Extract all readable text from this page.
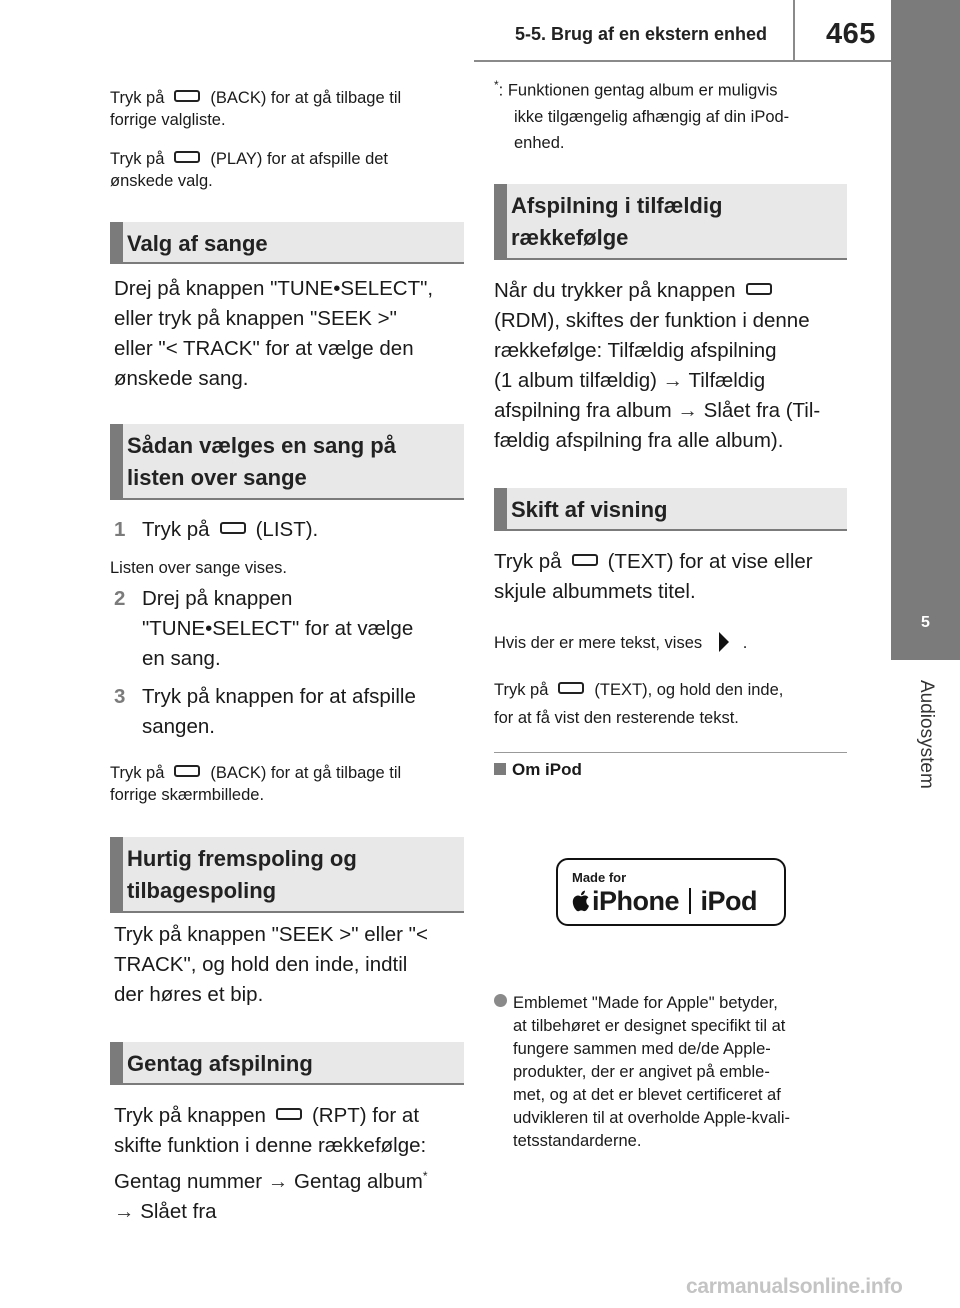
5-5. Brug af en ekstern enhed	465
5
Audiosystem
Tryk på	(BACK) for at gå tilbage til
forrige valgliste.
Tryk på	(PLAY) for at afspille det
ønskede valg.
Valg af sange
Drej på knappen "TUNE•SELECT",
eller tryk på knappen "SEEK >"
eller "< TRACK" for at vælge den
ønskede sang.
Sådan vælges en sang på
listen over sange
1 Tryk på (LIST).
Listen over sange vises.
2 Drej på knappen
"TUNE•SELECT" for at vælge
en sang.
3 Tryk på knappen for at afspille
sangen.
Tryk på	(BACK) for at gå tilbage til
forrige skærmbillede.
Hurtig fremspoling og
tilbagespoling
Tryk på knappen "SEEK >" eller "<
TRACK", og hold den inde, indtil
der høres et bip.
Gentag afspilning
Tryk på knappen (RPT) for at
skifte funktion i denne rækkefølge:
Gentag nummer → Gentag album*
→ Slået fra
*: Funktionen gentag album er muligvis
ikke tilgængelig afhængig af din iPod-
enhed.
Afspilning i tilfældig
rækkefølge
Når du trykker på knappen
(RDM), skiftes der funktion i denne
rækkefølge: Tilfældig afspilning
(1 album tilfældig) → Tilfældig
afspilning fra album → Slået fra (Til-
fældig afspilning fra alle album).
Skift af visning
Tryk på (TEXT) for at vise eller
skjule albummets titel.
Hvis der er mere tekst, vises .
Tryk på	(TEXT), og hold den inde,
for at få vist den resterende tekst.
Om iPod
Made for
iPhone iPod
Emblemet "Made for Apple" betyder,
at tilbehøret er designet specifikt til at
fungere sammen med de/de Apple-
produkter, der er angivet på emble-
met, og at det er blevet certificeret af
udvikleren til at overholde Apple-kvali-
tetsstandarderne.
carmanualsonline.info
